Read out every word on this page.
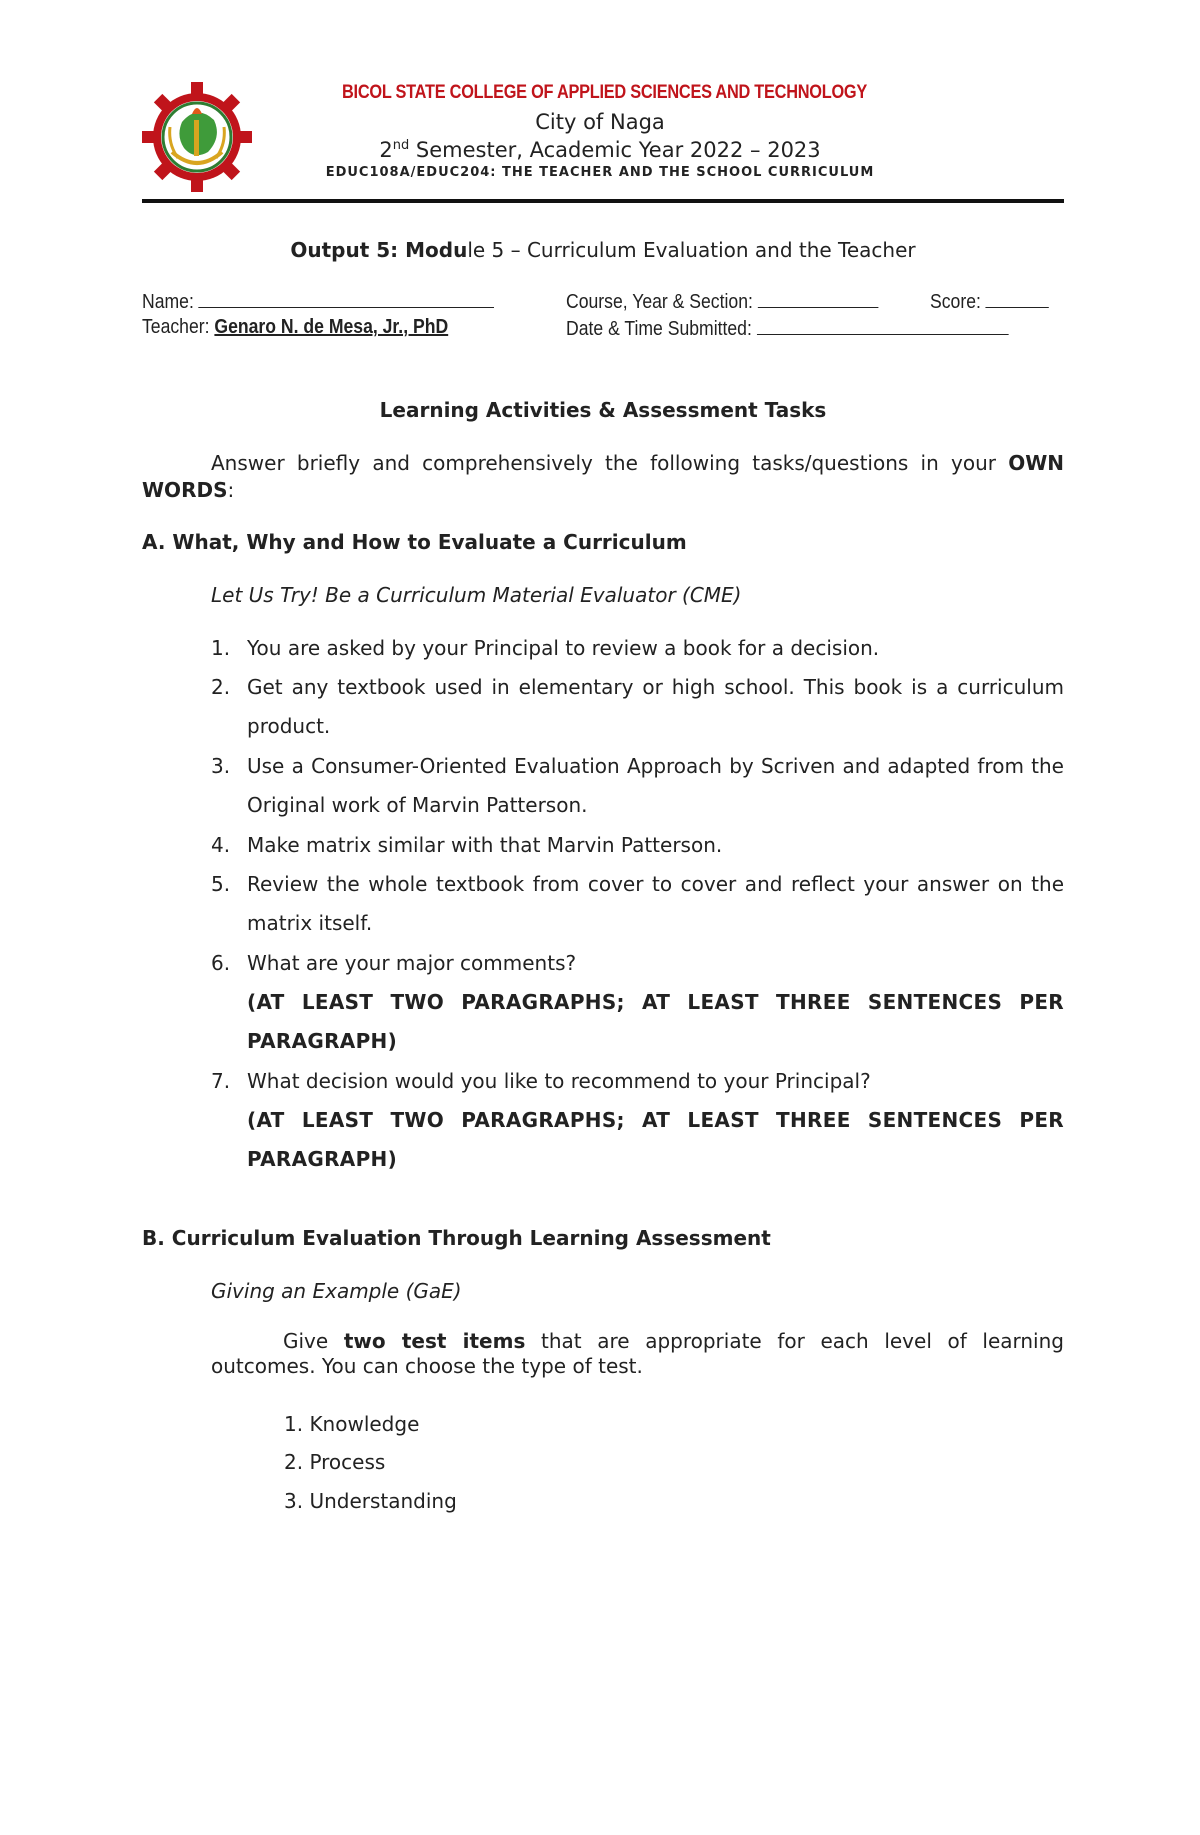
BICOL STATE COLLEGE OF APPLIED SCIENCES AND TECHNOLOGY
City of Naga
2nd Semester, Academic Year 2022 – 2023
EDUC108A/EDUC204: THE TEACHER AND THE SCHOOL CURRICULUM
Output 5: Module 5 – Curriculum Evaluation and the Teacher
Name:	Course, Year & Section:	Score:
Teacher: Genaro N. de Mesa, Jr., PhD	Date & Time Submitted:
Learning Activities & Assessment Tasks
Answer briefly and comprehensively the following tasks/questions in your OWN WORDS:
A. What, Why and How to Evaluate a Curriculum
Let Us Try! Be a Curriculum Material Evaluator (CME)
1. You are asked by your Principal to review a book for a decision.
2. Get any textbook used in elementary or high school. This book is a curriculum product.
3. Use a Consumer-Oriented Evaluation Approach by Scriven and adapted from the Original work of Marvin Patterson.
4. Make matrix similar with that Marvin Patterson.
5. Review the whole textbook from cover to cover and reflect your answer on the matrix itself.
6. What are your major comments?
(AT LEAST TWO PARAGRAPHS; AT LEAST THREE SENTENCES PER PARAGRAPH)
7. What decision would you like to recommend to your Principal?
(AT LEAST TWO PARAGRAPHS; AT LEAST THREE SENTENCES PER PARAGRAPH)
B. Curriculum Evaluation Through Learning Assessment
Giving an Example (GaE)
Give two test items that are appropriate for each level of learning outcomes. You can choose the type of test.
1. Knowledge
2. Process
3. Understanding
